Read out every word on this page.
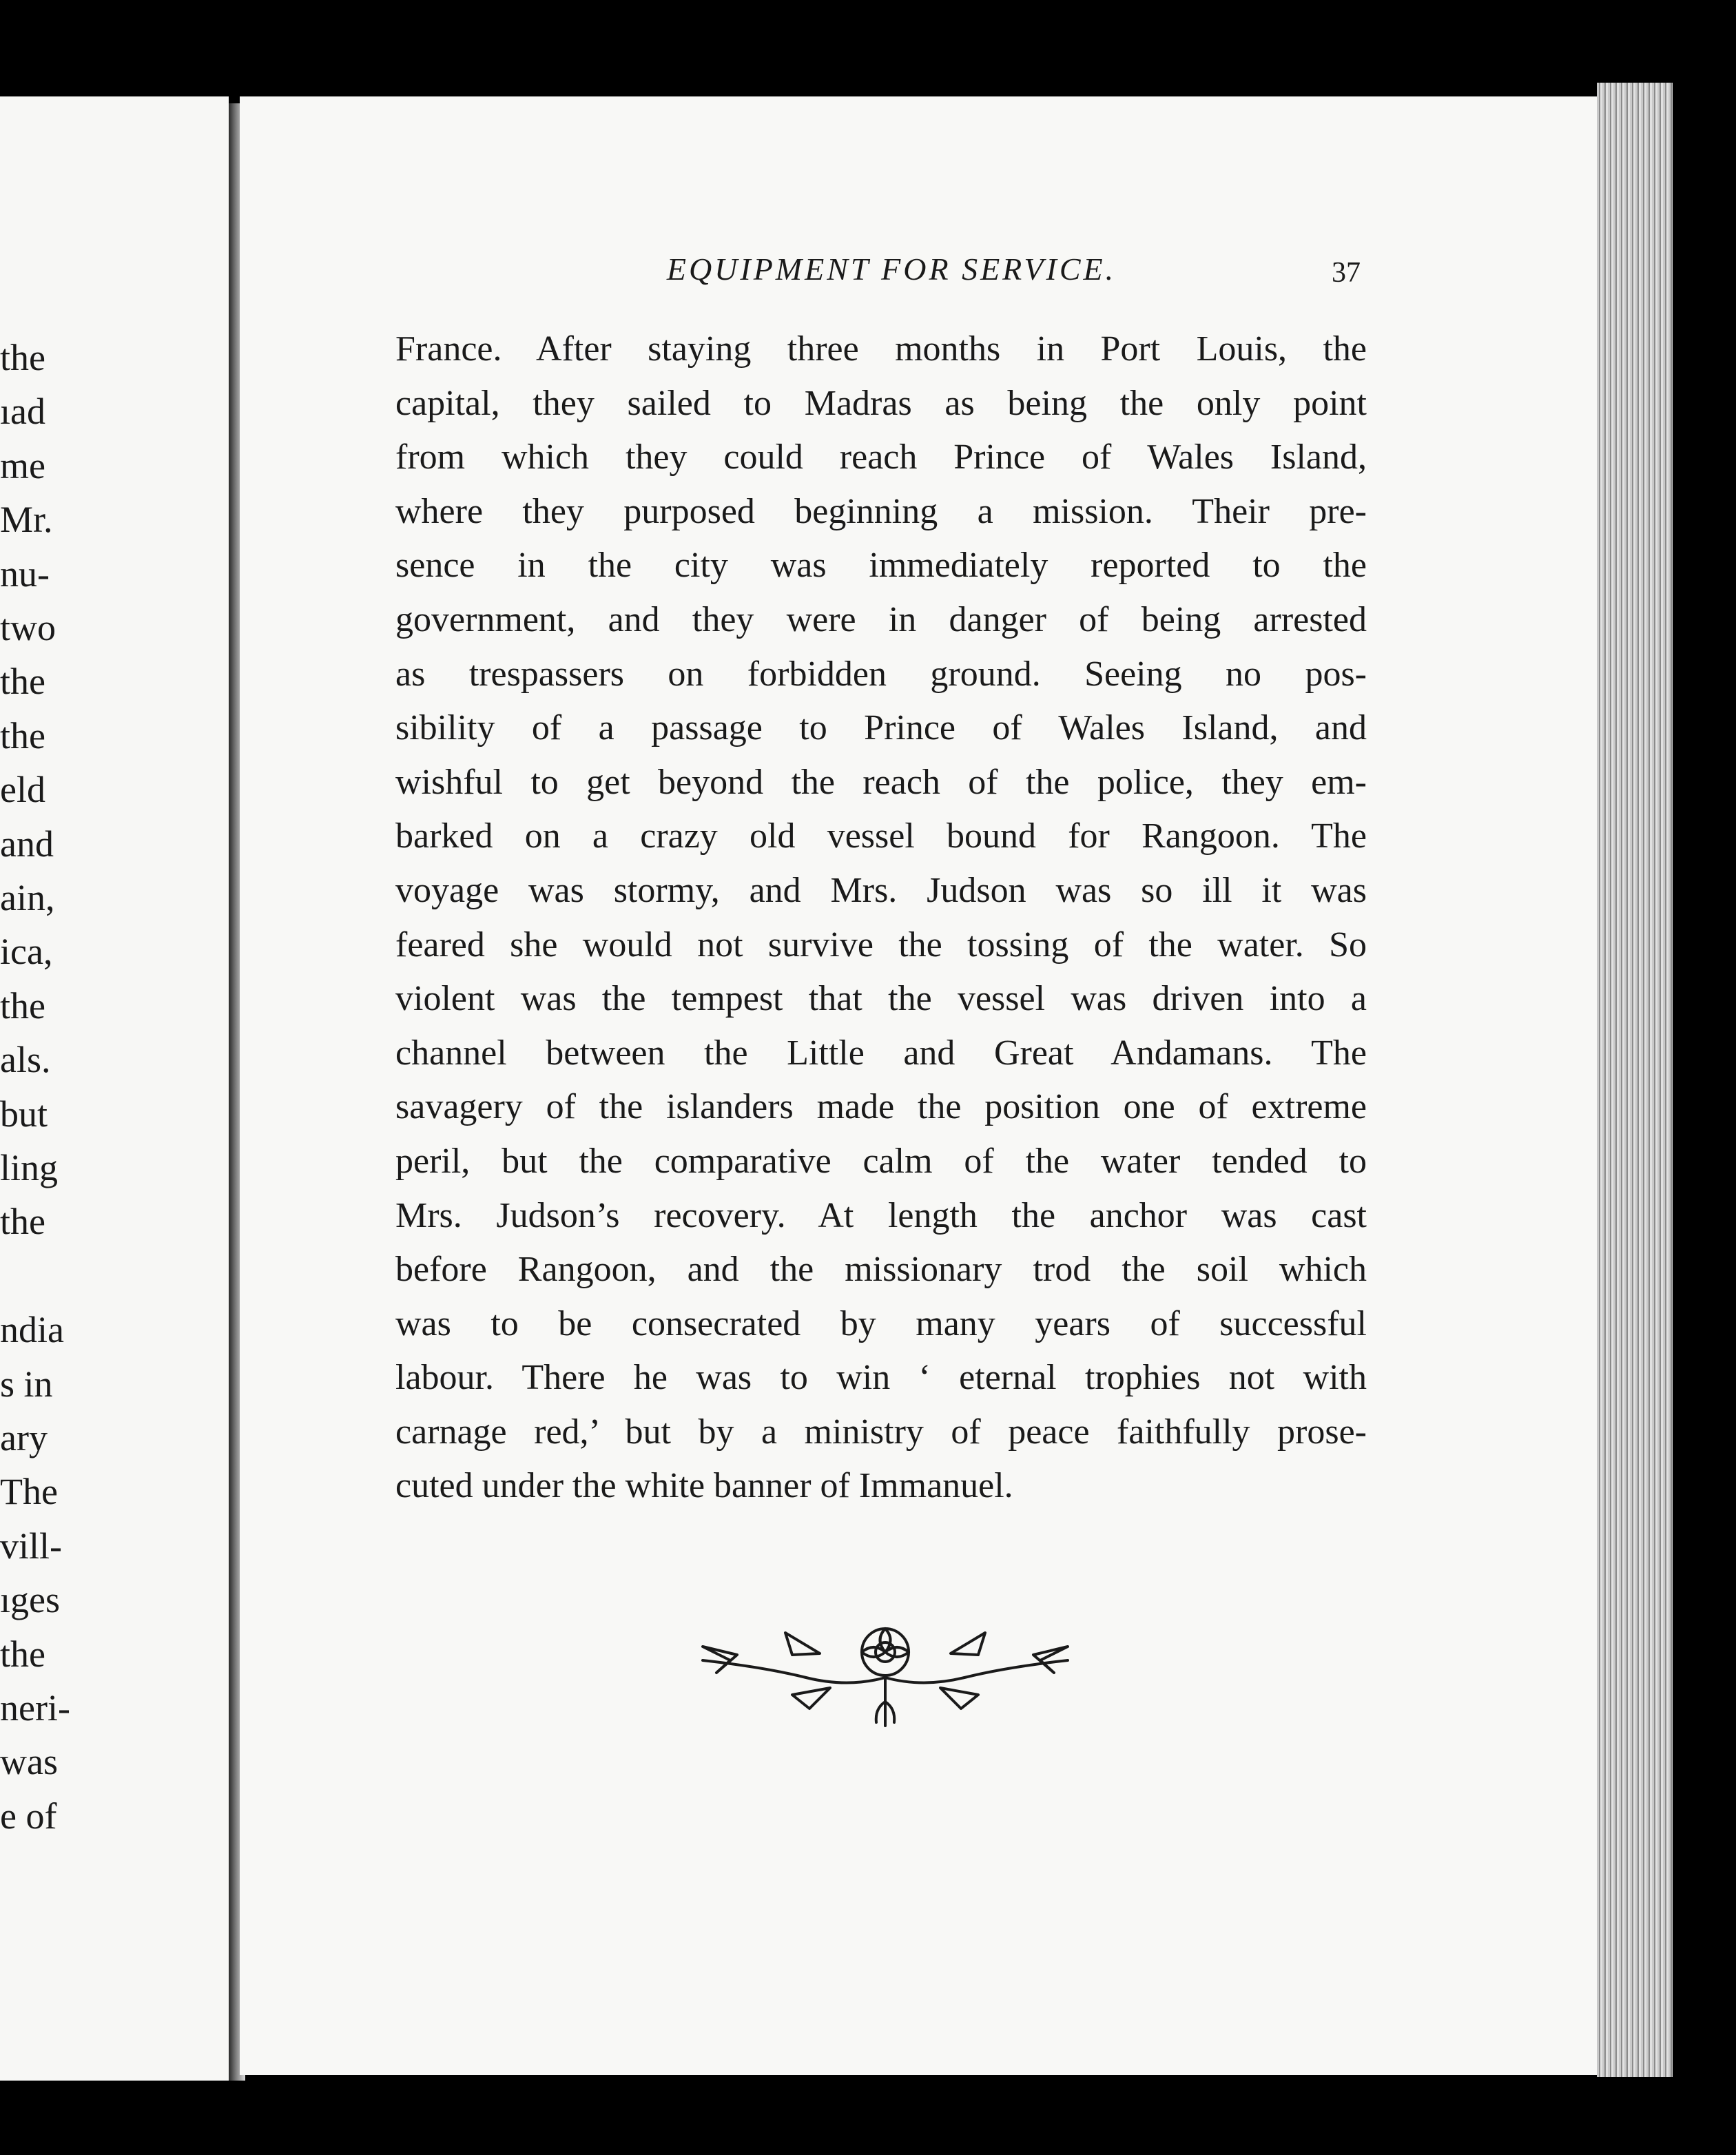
the
ıad
me
Mr.
nu-
two
the
the
eld
and
ain,
ica,
the
als.
but
ling
the
ndia
s in
ary
The
vill-
ıges
the
neri-
was
e of
EQUIPMENT FOR SERVICE.	37
France. After staying three months in Port Louis, the
capital, they sailed to Madras as being the only point
from which they could reach Prince of Wales Island,
where they purposed beginning a mission. Their pre-
sence in the city was immediately reported to the
government, and they were in danger of being arrested
as trespassers on forbidden ground. Seeing no pos-
sibility of a passage to Prince of Wales Island, and
wishful to get beyond the reach of the police, they em-
barked on a crazy old vessel bound for Rangoon. The
voyage was stormy, and Mrs. Judson was so ill it was
feared she would not survive the tossing of the water. So
violent was the tempest that the vessel was driven into a
channel between the Little and Great Andamans. The
savagery of the islanders made the position one of extreme
peril, but the comparative calm of the water tended to
Mrs. Judson’s recovery. At length the anchor was cast
before Rangoon, and the missionary trod the soil which
was to be consecrated by many years of successful
labour. There he was to win ‘ eternal trophies not with
carnage red,’ but by a ministry of peace faithfully prose-
cuted under the white banner of Immanuel.
